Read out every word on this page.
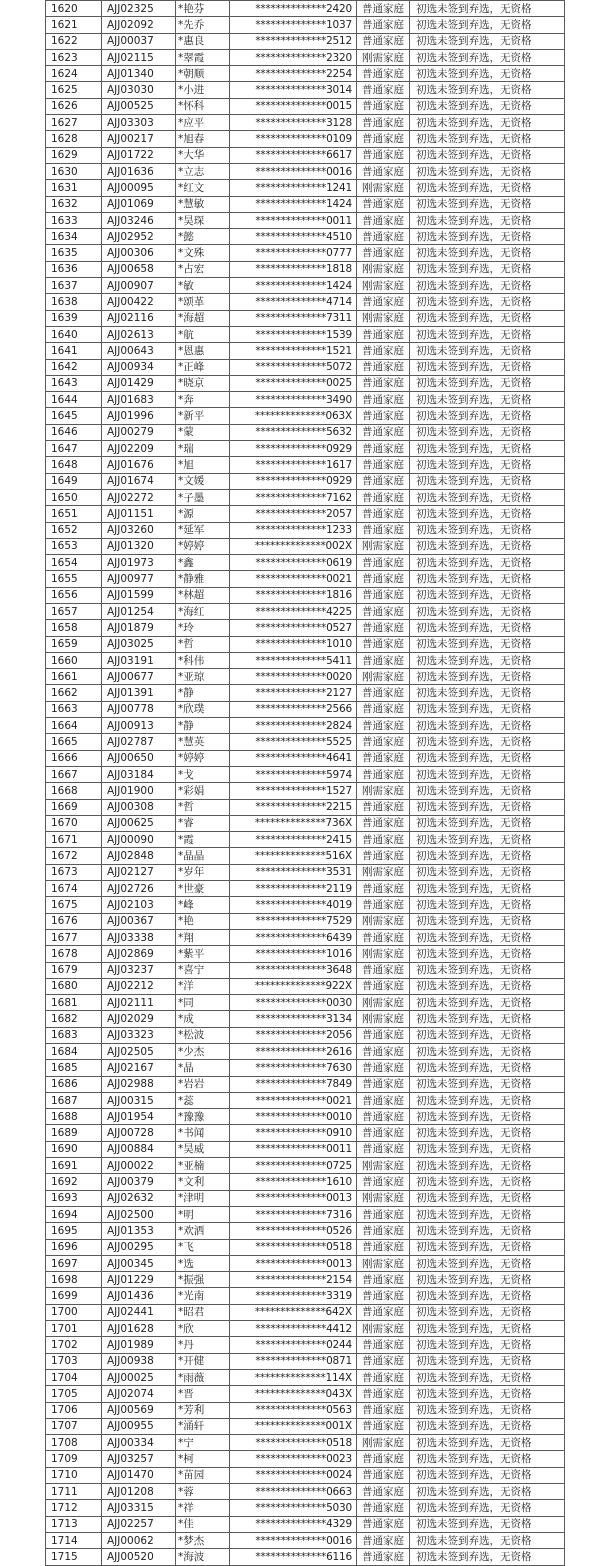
1620	AJJ02325	*艳芬	**************2420	普通家庭	初选未签到弃选，无资格
1621	AJJ02092	*先乔	**************1037	普通家庭	初选未签到弃选，无资格
1622	AJJ00037	*惠良	**************2512	普通家庭	初选未签到弃选，无资格
1623	AJJ02115	*翠霞	**************2320	刚需家庭	初选未签到弃选，无资格
1624	AJJ01340	*朝顺	**************2254	普通家庭	初选未签到弃选，无资格
1625	AJJ03030	*小进	**************3014	普通家庭	初选未签到弃选，无资格
1626	AJJ00525	*怀科	**************0015	普通家庭	初选未签到弃选，无资格
1627	AJJ03303	*应平	**************3128	普通家庭	初选未签到弃选，无资格
1628	AJJ00217	*旭春	**************0109	普通家庭	初选未签到弃选，无资格
1629	AJJ01722	*大华	**************6617	普通家庭	初选未签到弃选，无资格
1630	AJJ01636	*立志	**************0016	普通家庭	初选未签到弃选，无资格
1631	AJJ00095	*红文	**************1241	刚需家庭	初选未签到弃选，无资格
1632	AJJ01069	*慧敏	**************1424	普通家庭	初选未签到弃选，无资格
1633	AJJ03246	*昊琛	**************0011	普通家庭	初选未签到弃选，无资格
1634	AJJ02952	*懿	**************4510	普通家庭	初选未签到弃选，无资格
1635	AJJ00306	*文殊	**************0777	普通家庭	初选未签到弃选，无资格
1636	AJJ00658	*占宏	**************1818	刚需家庭	初选未签到弃选，无资格
1637	AJJ00907	*敏	**************1424	刚需家庭	初选未签到弃选，无资格
1638	AJJ00422	*颂革	**************4714	普通家庭	初选未签到弃选，无资格
1639	AJJ02116	*海超	**************7311	刚需家庭	初选未签到弃选，无资格
1640	AJJ02613	*航	**************1539	普通家庭	初选未签到弃选，无资格
1641	AJJ00643	*恩惠	**************1521	普通家庭	初选未签到弃选，无资格
1642	AJJ00934	*正峰	**************5072	普通家庭	初选未签到弃选，无资格
1643	AJJ01429	*晓京	**************0025	普通家庭	初选未签到弃选，无资格
1644	AJJ01683	*奔	**************3490	普通家庭	初选未签到弃选，无资格
1645	AJJ01996	*新平	**************063X	普通家庭	初选未签到弃选，无资格
1646	AJJ00279	*蒙	**************5632	普通家庭	初选未签到弃选，无资格
1647	AJJ02209	*瑞	**************0929	普通家庭	初选未签到弃选，无资格
1648	AJJ01676	*旭	**************1617	普通家庭	初选未签到弃选，无资格
1649	AJJ01674	*文媛	**************0929	普通家庭	初选未签到弃选，无资格
1650	AJJ02272	*子墨	**************7162	普通家庭	初选未签到弃选，无资格
1651	AJJ01151	*源	**************2057	普通家庭	初选未签到弃选，无资格
1652	AJJ03260	*延军	**************1233	普通家庭	初选未签到弃选，无资格
1653	AJJ01320	*婷婷	**************002X	刚需家庭	初选未签到弃选，无资格
1654	AJJ01973	*鑫	**************0619	普通家庭	初选未签到弃选，无资格
1655	AJJ00977	*静雅	**************0021	普通家庭	初选未签到弃选，无资格
1656	AJJ01599	*林超	**************1816	普通家庭	初选未签到弃选，无资格
1657	AJJ01254	*海红	**************4225	普通家庭	初选未签到弃选，无资格
1658	AJJ01879	*玲	**************0527	普通家庭	初选未签到弃选，无资格
1659	AJJ03025	*哲	**************1010	普通家庭	初选未签到弃选，无资格
1660	AJJ03191	*科伟	**************5411	普通家庭	初选未签到弃选，无资格
1661	AJJ00677	*亚琼	**************0020	刚需家庭	初选未签到弃选，无资格
1662	AJJ01391	*静	**************2127	普通家庭	初选未签到弃选，无资格
1663	AJJ00778	*欣璞	**************2566	普通家庭	初选未签到弃选，无资格
1664	AJJ00913	*静	**************2824	普通家庭	初选未签到弃选，无资格
1665	AJJ02787	*慧英	**************5525	普通家庭	初选未签到弃选，无资格
1666	AJJ00650	*婷婷	**************4641	普通家庭	初选未签到弃选，无资格
1667	AJJ03184	*戈	**************5974	普通家庭	初选未签到弃选，无资格
1668	AJJ01900	*彩娟	**************1527	刚需家庭	初选未签到弃选，无资格
1669	AJJ00308	*哲	**************2215	普通家庭	初选未签到弃选，无资格
1670	AJJ00625	*睿	**************736X	普通家庭	初选未签到弃选，无资格
1671	AJJ00090	*霞	**************2415	普通家庭	初选未签到弃选，无资格
1672	AJJ02848	*晶晶	**************516X	普通家庭	初选未签到弃选，无资格
1673	AJJ02127	*岁年	**************3531	刚需家庭	初选未签到弃选，无资格
1674	AJJ02726	*世豪	**************2119	普通家庭	初选未签到弃选，无资格
1675	AJJ02103	*峰	**************4019	普通家庭	初选未签到弃选，无资格
1676	AJJ00367	*艳	**************7529	刚需家庭	初选未签到弃选，无资格
1677	AJJ03338	*翔	**************6439	普通家庭	初选未签到弃选，无资格
1678	AJJ02869	*紫平	**************1016	刚需家庭	初选未签到弃选，无资格
1679	AJJ03237	*喜宁	**************3648	普通家庭	初选未签到弃选，无资格
1680	AJJ02212	*洋	**************922X	普通家庭	初选未签到弃选，无资格
1681	AJJ02111	*同	**************0030	刚需家庭	初选未签到弃选，无资格
1682	AJJ02029	*成	**************3134	刚需家庭	初选未签到弃选，无资格
1683	AJJ03323	*松波	**************2056	普通家庭	初选未签到弃选，无资格
1684	AJJ02505	*少杰	**************2616	普通家庭	初选未签到弃选，无资格
1685	AJJ02167	*晶	**************7630	普通家庭	初选未签到弃选，无资格
1686	AJJ02988	*岩岩	**************7849	普通家庭	初选未签到弃选，无资格
1687	AJJ00315	*蕊	**************0021	普通家庭	初选未签到弃选，无资格
1688	AJJ01954	*豫豫	**************0010	普通家庭	初选未签到弃选，无资格
1689	AJJ00728	*书闻	**************0910	普通家庭	初选未签到弃选，无资格
1690	AJJ00884	*昊威	**************0011	普通家庭	初选未签到弃选，无资格
1691	AJJ00022	*亚楠	**************0725	刚需家庭	初选未签到弃选，无资格
1692	AJJ00379	*文利	**************1610	普通家庭	初选未签到弃选，无资格
1693	AJJ02632	*津明	**************0013	刚需家庭	初选未签到弃选，无资格
1694	AJJ02500	*明	**************7316	普通家庭	初选未签到弃选，无资格
1695	AJJ01353	*欢洒	**************0526	普通家庭	初选未签到弃选，无资格
1696	AJJ00295	*飞	**************0518	普通家庭	初选未签到弃选，无资格
1697	AJJ00345	*选	**************0013	刚需家庭	初选未签到弃选，无资格
1698	AJJ01229	*振强	**************2154	普通家庭	初选未签到弃选，无资格
1699	AJJ01436	*光南	**************3319	普通家庭	初选未签到弃选，无资格
1700	AJJ02441	*昭君	**************642X	普通家庭	初选未签到弃选，无资格
1701	AJJ01628	*欣	**************4412	刚需家庭	初选未签到弃选，无资格
1702	AJJ01989	*丹	**************0244	普通家庭	初选未签到弃选，无资格
1703	AJJ00938	*开健	**************0871	普通家庭	初选未签到弃选，无资格
1704	AJJ00025	*雨薇	**************114X	普通家庭	初选未签到弃选，无资格
1705	AJJ02074	*晋	**************043X	普通家庭	初选未签到弃选，无资格
1706	AJJ00569	*芳利	**************0563	普通家庭	初选未签到弃选，无资格
1707	AJJ00955	*涌轩	**************001X	普通家庭	初选未签到弃选，无资格
1708	AJJ00334	*宁	**************0518	刚需家庭	初选未签到弃选，无资格
1709	AJJ03257	*柯	**************0023	普通家庭	初选未签到弃选，无资格
1710	AJJ01470	*苗园	**************0024	普通家庭	初选未签到弃选，无资格
1711	AJJ01208	*蓉	**************0663	普通家庭	初选未签到弃选，无资格
1712	AJJ03315	*祥	**************5030	普通家庭	初选未签到弃选，无资格
1713	AJJ02257	*佳	**************4329	普通家庭	初选未签到弃选，无资格
1714	AJJ00062	*梦杰	**************0016	普通家庭	初选未签到弃选，无资格
1715	AJJ00520	*海波	**************6116	普通家庭	初选未签到弃选，无资格
